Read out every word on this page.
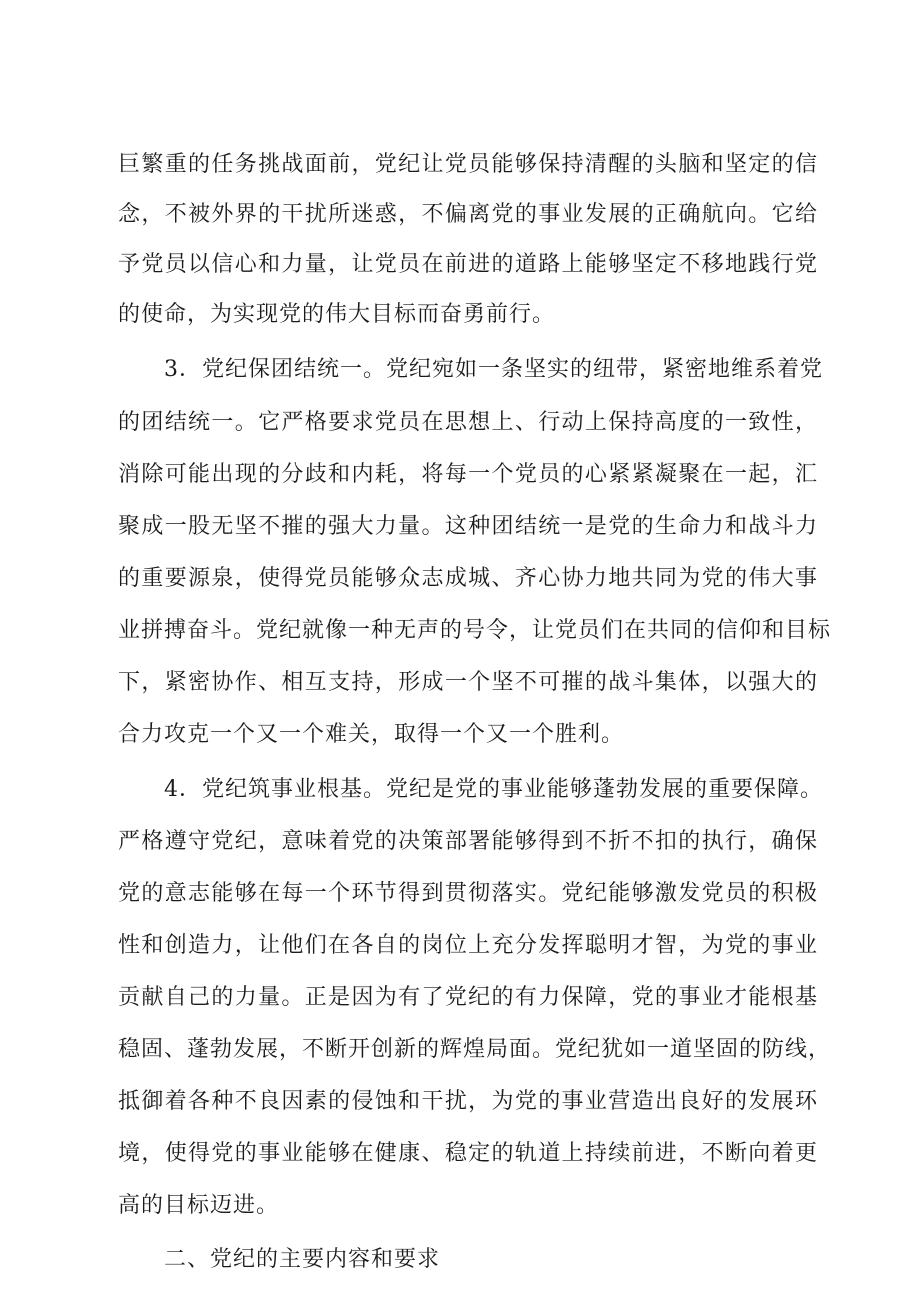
巨繁重的任务挑战面前，党纪让党员能够保持清醒的头脑和坚定的信
念，不被外界的干扰所迷惑，不偏离党的事业发展的正确航向。它给
予党员以信心和力量，让党员在前进的道路上能够坚定不移地践行党
的使命，为实现党的伟大目标而奋勇前行。
3．党纪保团结统一。党纪宛如一条坚实的纽带，紧密地维系着党
的团结统一。它严格要求党员在思想上、行动上保持高度的一致性，
消除可能出现的分歧和内耗，将每一个党员的心紧紧凝聚在一起，汇
聚成一股无坚不摧的强大力量。这种团结统一是党的生命力和战斗力
的重要源泉，使得党员能够众志成城、齐心协力地共同为党的伟大事
业拼搏奋斗。党纪就像一种无声的号令，让党员们在共同的信仰和目标
下，紧密协作、相互支持，形成一个坚不可摧的战斗集体，以强大的
合力攻克一个又一个难关，取得一个又一个胜利。
4．党纪筑事业根基。党纪是党的事业能够蓬勃发展的重要保障。
严格遵守党纪，意味着党的决策部署能够得到不折不扣的执行，确保
党的意志能够在每一个环节得到贯彻落实。党纪能够激发党员的积极
性和创造力，让他们在各自的岗位上充分发挥聪明才智，为党的事业
贡献自己的力量。正是因为有了党纪的有力保障，党的事业才能根基
稳固、蓬勃发展，不断开创新的辉煌局面。党纪犹如一道坚固的防线，
抵御着各种不良因素的侵蚀和干扰，为党的事业营造出良好的发展环
境，使得党的事业能够在健康、稳定的轨道上持续前进，不断向着更
高的目标迈进。
二、党纪的主要内容和要求
